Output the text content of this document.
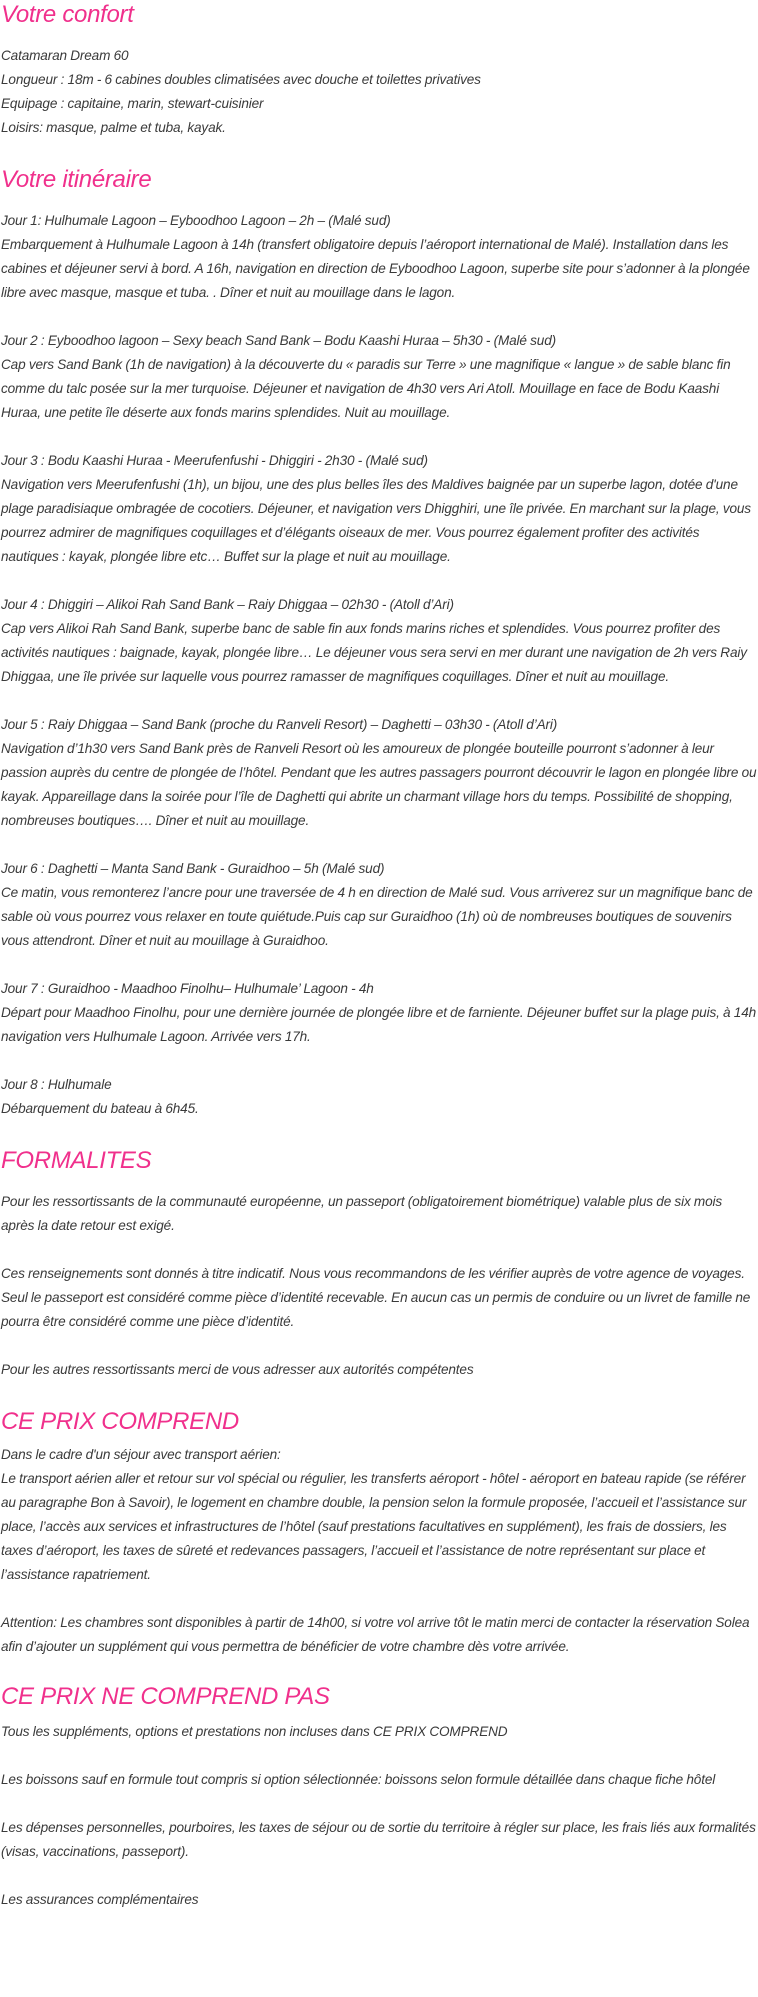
Votre confort

Catamaran Dream 60

Longueur : 18m - 6 cabines doubles climatisées avec douche et toilettes privatives

Equipage : capitaine, marin, stewart-cuisinier

Loisirs: masque, palme et tuba, kayak.

Votre itinéraire

Jour 1: Hulhumale Lagoon – Eyboodhoo Lagoon – 2h – (Malé sud)

Embarquement à Hulhumale Lagoon à 14h (transfert obligatoire depuis l’aéroport international de Malé). Installation dans les cabines et déjeuner servi à bord. A 16h, navigation en direction de Eyboodhoo Lagoon, superbe site pour s’adonner à la plongée libre avec masque, masque et tuba. . Dîner et nuit au mouillage dans le lagon.

Jour 2 : Eyboodhoo lagoon – Sexy beach Sand Bank – Bodu Kaashi Huraa – 5h30 - (Malé sud)

Cap vers Sand Bank (1h de navigation) à la découverte du « paradis sur Terre » une magnifique « langue » de sable blanc fin comme du talc posée sur la mer turquoise. Déjeuner et navigation de 4h30 vers Ari Atoll. Mouillage en face de Bodu Kaashi Huraa, une petite île déserte aux fonds marins splendides. Nuit au mouillage.

Jour 3 : Bodu Kaashi Huraa - Meerufenfushi - Dhiggiri - 2h30 - (Malé sud)

Navigation vers Meerufenfushi (1h), un bijou, une des plus belles îles des Maldives baignée par un superbe lagon, dotée d'une plage paradisiaque ombragée de cocotiers. Déjeuner, et navigation vers Dhigghiri, une île privée. En marchant sur la plage, vous pourrez admirer de magnifiques coquillages et d’élégants oiseaux de mer. Vous pourrez également profiter des activités nautiques : kayak, plongée libre etc… Buffet sur la plage et nuit au mouillage.

Jour 4 : Dhiggiri – Alikoi Rah Sand Bank – Raiy Dhiggaa – 02h30 - (Atoll d’Ari)

Cap vers Alikoi Rah Sand Bank, superbe banc de sable fin aux fonds marins riches et splendides. Vous pourrez profiter des activités nautiques : baignade, kayak, plongée libre… Le déjeuner vous sera servi en mer durant une navigation de 2h vers Raiy Dhiggaa, une île privée sur laquelle vous pourrez ramasser de magnifiques coquillages. Dîner et nuit au mouillage.

Jour 5 : Raiy Dhiggaa – Sand Bank (proche du Ranveli Resort) – Daghetti – 03h30 - (Atoll d’Ari)

Navigation d’1h30 vers Sand Bank près de Ranveli Resort où les amoureux de plongée bouteille pourront s’adonner à leur passion auprès du centre de plongée de l’hôtel. Pendant que les autres passagers pourront découvrir le lagon en plongée libre ou kayak. Appareillage dans la soirée pour l’île de Daghetti qui abrite un charmant village hors du temps. Possibilité de shopping, nombreuses boutiques…. Dîner et nuit au mouillage.

Jour 6 : Daghetti – Manta Sand Bank - Guraidhoo – 5h (Malé sud)

Ce matin, vous remonterez l’ancre pour une traversée de 4 h en direction de Malé sud. Vous arriverez sur un magnifique banc de sable où vous pourrez vous relaxer en toute quiétude.Puis cap sur Guraidhoo (1h) où de nombreuses boutiques de souvenirs vous attendront. Dîner et nuit au mouillage à Guraidhoo.

Jour 7 : Guraidhoo - Maadhoo Finolhu– Hulhumale’ Lagoon - 4h

Départ pour Maadhoo Finolhu, pour une dernière journée de plongée libre et de farniente. Déjeuner buffet sur la plage puis, à 14h navigation vers Hulhumale Lagoon. Arrivée vers 17h.

Jour 8 : Hulhumale

Débarquement du bateau à 6h45.

FORMALITES

Pour les ressortissants de la communauté européenne, un passeport (obligatoirement biométrique) valable plus de six mois après la date retour est exigé.

Ces renseignements sont donnés à titre indicatif. Nous vous recommandons de les vérifier auprès de votre agence de voyages. Seul le passeport est considéré comme pièce d’identité recevable. En aucun cas un permis de conduire ou un livret de famille ne pourra être considéré comme une pièce d’identité.

Pour les autres ressortissants merci de vous adresser aux autorités compétentes

CE PRIX COMPREND

Dans le cadre d'un séjour avec transport aérien:

Le transport aérien aller et retour sur vol spécial ou régulier, les transferts aéroport - hôtel - aéroport en bateau rapide (se référer au paragraphe Bon à Savoir), le logement en chambre double, la pension selon la formule proposée, l’accueil et l’assistance sur place, l’accès aux services et infrastructures de l’hôtel (sauf prestations facultatives en supplément), les frais de dossiers, les taxes d’aéroport, les taxes de sûreté et redevances passagers, l’accueil et l’assistance de notre représentant sur place et l’assistance rapatriement.

Attention: Les chambres sont disponibles à partir de 14h00, si votre vol arrive tôt le matin merci de contacter la réservation Solea afin d’ajouter un supplément qui vous permettra de bénéficier de votre chambre dès votre arrivée.

CE PRIX NE COMPREND PAS

Tous les suppléments, options et prestations non incluses dans CE PRIX COMPREND

Les boissons sauf en formule tout compris si option sélectionnée: boissons selon formule détaillée dans chaque fiche hôtel

Les dépenses personnelles, pourboires, les taxes de séjour ou de sortie du territoire à régler sur place, les frais liés aux formalités (visas, vaccinations, passeport).

Les assurances complémentaires
